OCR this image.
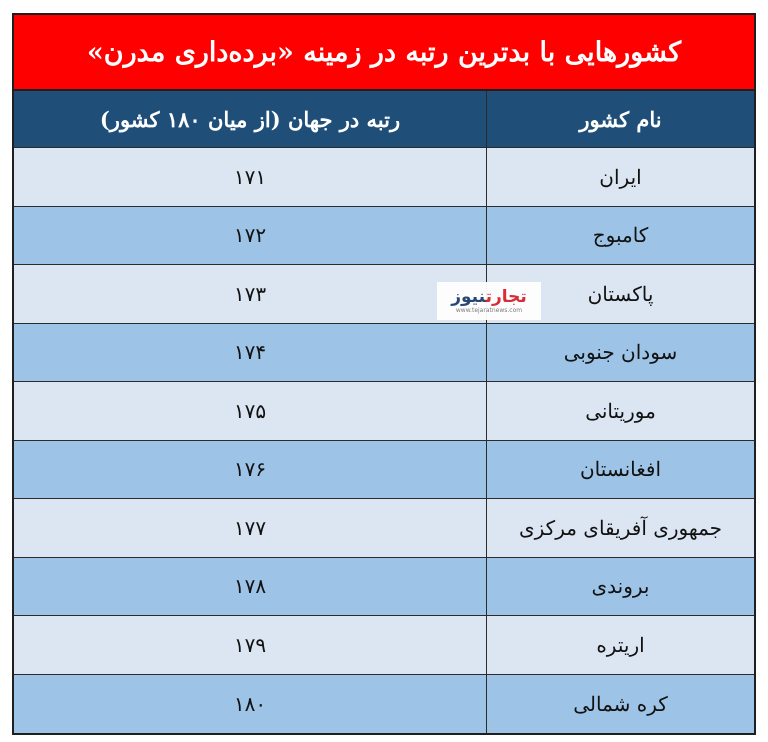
کشورهایی با بدترین رتبه در زمینه «برده‌داری مدرن»
نام کشور
رتبه در جهان (از میان ۱۸۰ کشور)
ایران
۱۷۱
کامبوج
۱۷۲
پاکستان
۱۷۳
سودان جنوبی
۱۷۴
موریتانی
۱۷۵
افغانستان
۱۷۶
جمهوری آفریقای مرکزی
۱۷۷
بروندی
۱۷۸
اریتره
۱۷۹
کره شمالی
۱۸۰
تجارتنیوز
www.tejaratnews.com
